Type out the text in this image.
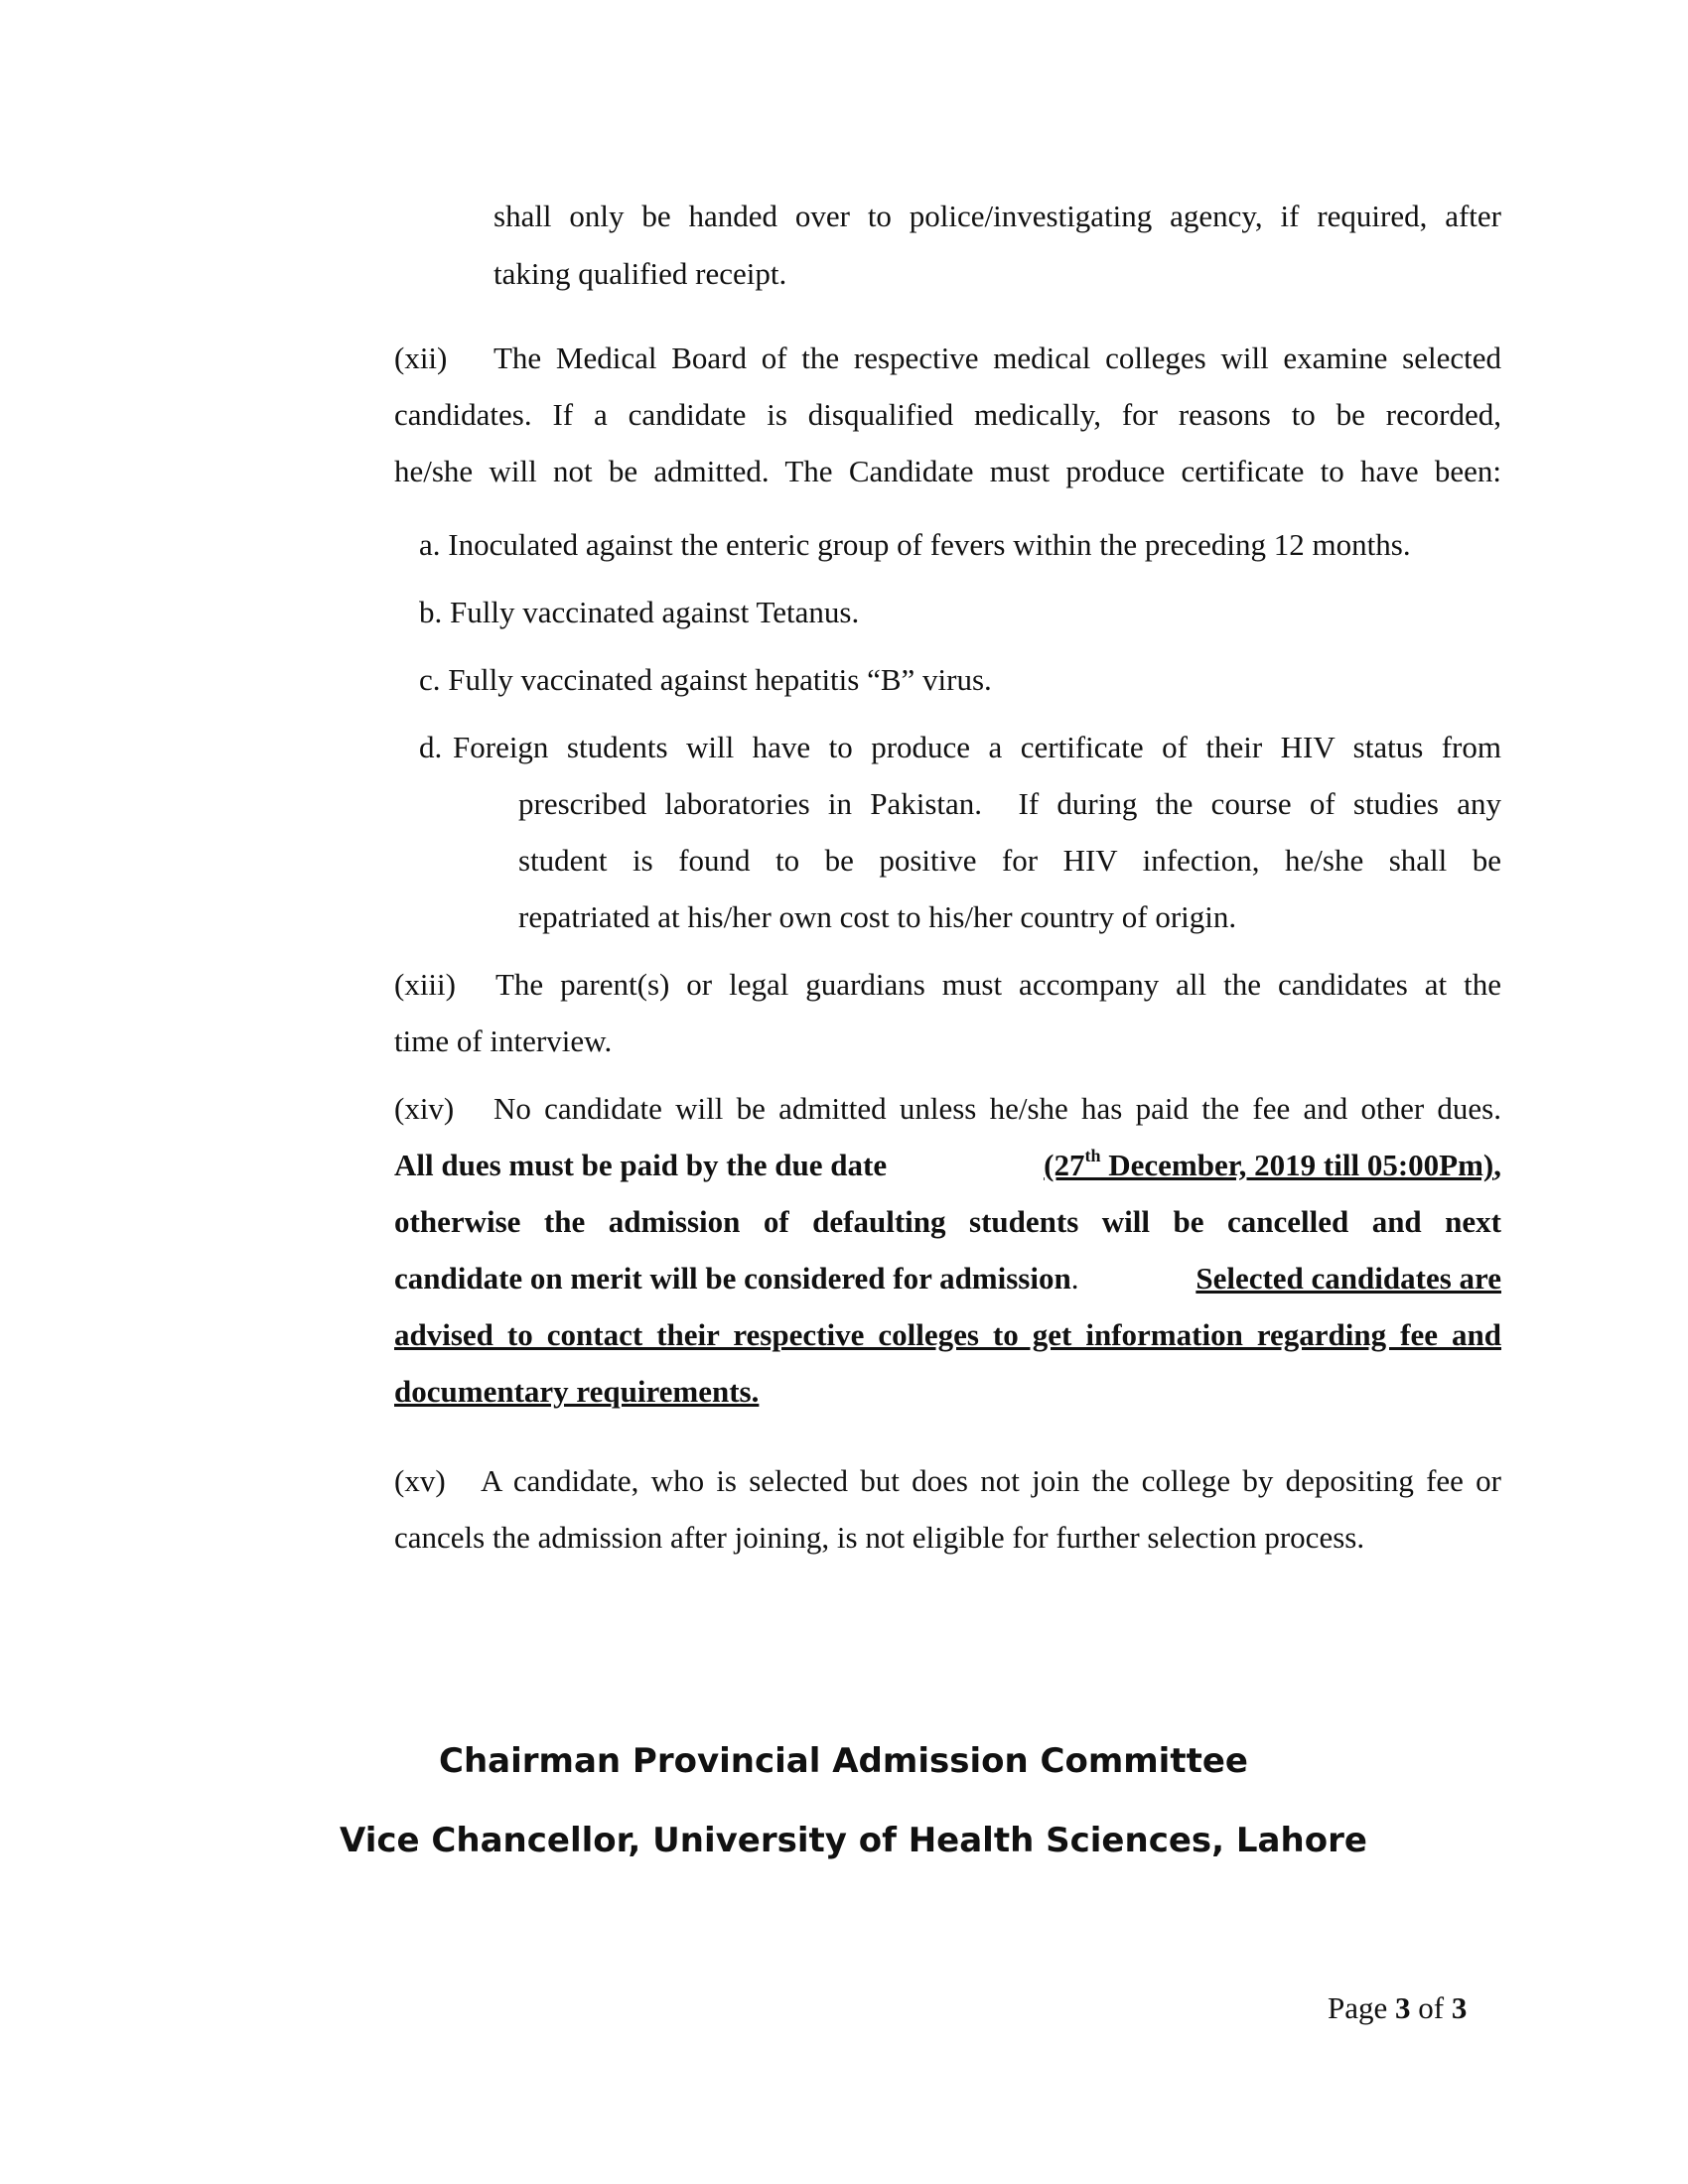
shall only be handed over to police/investigating agency, if required, after
taking qualified receipt.
(xii) The Medical Board of the respective medical colleges will examine selected
candidates. If a candidate is disqualified medically, for reasons to be recorded,
he/she will not be admitted. The Candidate must produce certificate to have been:
a. Inoculated against the enteric group of fevers within the preceding 12 months.
b. Fully vaccinated against Tetanus.
c. Fully vaccinated against hepatitis “B” virus.
d. Foreign students will have to produce a certificate of their HIV status from
prescribed laboratories in Pakistan.  If during the course of studies any
student is found to be positive for HIV infection, he/she shall be
repatriated at his/her own cost to his/her country of origin.
(xiii) The parent(s) or legal guardians must accompany all the candidates at the
time of interview.
(xiv) No candidate will be admitted unless he/she has paid the fee and other dues.
All dues must be paid by the due date	(27th December, 2019 till 05:00Pm),
otherwise the admission of defaulting students will be cancelled and next
candidate on merit will be considered for admission.	Selected candidates are
advised to contact their respective colleges to get information regarding fee and
documentary requirements.
(xv) A candidate, who is selected but does not join the college by depositing fee or
cancels the admission after joining, is not eligible for further selection process.
Chairman Provincial Admission Committee
Vice Chancellor, University of Health Sciences, Lahore
Page 3 of 3
